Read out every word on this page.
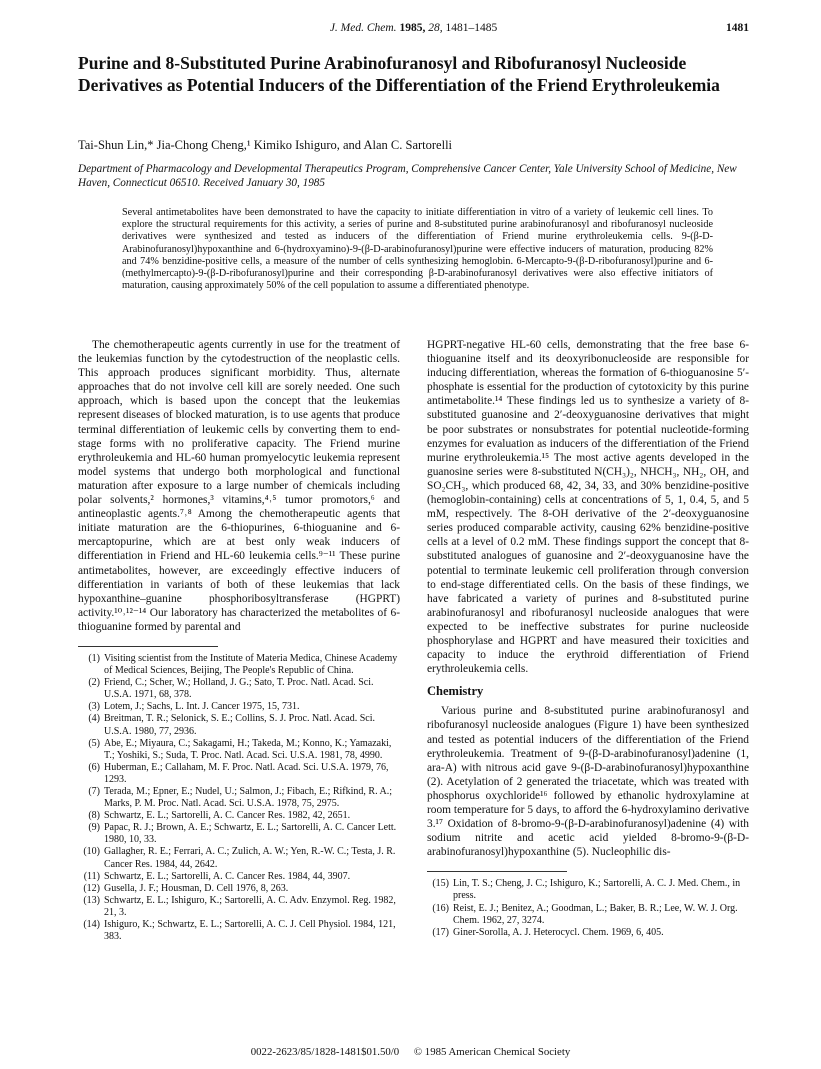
J. Med. Chem. 1985, 28, 1481–1485	1481
Purine and 8-Substituted Purine Arabinofuranosyl and Ribofuranosyl Nucleoside Derivatives as Potential Inducers of the Differentiation of the Friend Erythroleukemia
Tai-Shun Lin,* Jia-Chong Cheng,¹ Kimiko Ishiguro, and Alan C. Sartorelli
Department of Pharmacology and Developmental Therapeutics Program, Comprehensive Cancer Center, Yale University School of Medicine, New Haven, Connecticut 06510. Received January 30, 1985
Several antimetabolites have been demonstrated to have the capacity to initiate differentiation in vitro of a variety of leukemic cell lines. To explore the structural requirements for this activity, a series of purine and 8-substituted purine arabinofuranosyl and ribofuranosyl nucleoside derivatives were synthesized and tested as inducers of the differentiation of Friend murine erythroleukemia cells. 9-(β-D-Arabinofuranosyl)hypoxanthine and 6-(hydroxyamino)-9-(β-D-arabinofuranosyl)purine were effective inducers of maturation, producing 82% and 74% benzidine-positive cells, a measure of the number of cells synthesizing hemoglobin. 6-Mercapto-9-(β-D-ribofuranosyl)purine and 6-(methylmercapto)-9-(β-D-ribofuranosyl)purine and their corresponding β-D-arabinofuranosyl derivatives were also effective initiators of maturation, causing approximately 50% of the cell population to assume a differentiated phenotype.

The chemotherapeutic agents currently in use for the treatment of the leukemias function by the cytodestruction of the neoplastic cells. This approach produces significant morbidity. Thus, alternate approaches that do not involve cell kill are sorely needed. One such approach, which is based upon the concept that the leukemias represent diseases of blocked maturation, is to use agents that produce terminal differentiation of leukemic cells by converting them to end-stage forms with no proliferative capacity. The Friend murine erythroleukemia and HL-60 human promyelocytic leukemia represent model systems that undergo both morphological and functional maturation after exposure to a large number of chemicals including polar solvents,² hormones,³ vitamins,⁴˒⁵ tumor promotors,⁶ and antineoplastic agents.⁷˒⁸ Among the chemotherapeutic agents that initiate maturation are the 6-thiopurines, 6-thioguanine and 6-mercaptopurine, which are at best only weak inducers of differentiation in Friend and HL-60 leukemia cells.⁹⁻¹¹ These purine antimetabolites, however, are exceedingly effective inducers of differentiation in variants of both of these leukemias that lack hypoxanthine–guanine phosphoribosyltransferase (HGPRT) activity.¹⁰˒¹²⁻¹⁴ Our laboratory has characterized the metabolites of 6-thioguanine formed by parental and

(1) Visiting scientist from the Institute of Materia Medica, Chinese Academy of Medical Sciences, Beijing, The People's Republic of China.
(2) Friend, C.; Scher, W.; Holland, J. G.; Sato, T. Proc. Natl. Acad. Sci. U.S.A. 1971, 68, 378.
(3) Lotem, J.; Sachs, L. Int. J. Cancer 1975, 15, 731.
(4) Breitman, T. R.; Selonick, S. E.; Collins, S. J. Proc. Natl. Acad. Sci. U.S.A. 1980, 77, 2936.
(5) Abe, E.; Miyaura, C.; Sakagami, H.; Takeda, M.; Konno, K.; Yamazaki, T.; Yoshiki, S.; Suda, T. Proc. Natl. Acad. Sci. U.S.A. 1981, 78, 4990.
(6) Huberman, E.; Callaham, M. F. Proc. Natl. Acad. Sci. U.S.A. 1979, 76, 1293.
(7) Terada, M.; Epner, E.; Nudel, U.; Salmon, J.; Fibach, E.; Rifkind, R. A.; Marks, P. M. Proc. Natl. Acad. Sci. U.S.A. 1978, 75, 2975.
(8) Schwartz, E. L.; Sartorelli, A. C. Cancer Res. 1982, 42, 2651.
(9) Papac, R. J.; Brown, A. E.; Schwartz, E. L.; Sartorelli, A. C. Cancer Lett. 1980, 10, 33.
(10) Gallagher, R. E.; Ferrari, A. C.; Zulich, A. W.; Yen, R.-W. C.; Testa, J. R. Cancer Res. 1984, 44, 2642.
(11) Schwartz, E. L.; Sartorelli, A. C. Cancer Res. 1984, 44, 3907.
(12) Gusella, J. F.; Housman, D. Cell 1976, 8, 263.
(13) Schwartz, E. L.; Ishiguro, K.; Sartorelli, A. C. Adv. Enzymol. Reg. 1982, 21, 3.
(14) Ishiguro, K.; Schwartz, E. L.; Sartorelli, A. C. J. Cell Physiol. 1984, 121, 383.

HGPRT-negative HL-60 cells, demonstrating that the free base 6-thioguanine itself and its deoxyribonucleoside are responsible for inducing differentiation, whereas the formation of 6-thioguanosine 5′-phosphate is essential for the production of cytotoxicity by this purine antimetabolite.¹⁴ These findings led us to synthesize a variety of 8-substituted guanosine and 2′-deoxyguanosine derivatives that might be poor substrates or nonsubstrates for potential nucleotide-forming enzymes for evaluation as inducers of the differentiation of the Friend murine erythroleukemia.¹⁵ The most active agents developed in the guanosine series were 8-substituted N(CH₃)₂, NHCH₃, NH₂, OH, and SO₂CH₃, which produced 68, 42, 34, 33, and 30% benzidine-positive (hemoglobin-containing) cells at concentrations of 5, 1, 0.4, 5, and 5 mM, respectively. The 8-OH derivative of the 2′-deoxyguanosine series produced comparable activity, causing 62% benzidine-positive cells at a level of 0.2 mM. These findings support the concept that 8-substituted analogues of guanosine and 2′-deoxyguanosine have the potential to terminate leukemic cell proliferation through conversion to end-stage differentiated cells. On the basis of these findings, we have fabricated a variety of purines and 8-substituted purine arabinofuranosyl and ribofuranosyl nucleoside analogues that were expected to be ineffective substrates for purine nucleoside phosphorylase and HGPRT and have measured their toxicities and capacity to induce the erythroid differentiation of Friend erythroleukemia cells.

Chemistry

Various purine and 8-substituted purine arabinofuranosyl and ribofuranosyl nucleoside analogues (Figure 1) have been synthesized and tested as potential inducers of the differentiation of the Friend erythroleukemia. Treatment of 9-(β-D-arabinofuranosyl)adenine (1, ara-A) with nitrous acid gave 9-(β-D-arabinofuranosyl)hypoxanthine (2). Acetylation of 2 generated the triacetate, which was treated with phosphorus oxychloride¹⁶ followed by ethanolic hydroxylamine at room temperature for 5 days, to afford the 6-hydroxylamino derivative 3.¹⁷ Oxidation of 8-bromo-9-(β-D-arabinofuranosyl)adenine (4) with sodium nitrite and acetic acid yielded 8-bromo-9-(β-D-arabinofuranosyl)hypoxanthine (5). Nucleophilic dis-

(15) Lin, T. S.; Cheng, J. C.; Ishiguro, K.; Sartorelli, A. C. J. Med. Chem., in press.
(16) Reist, E. J.; Benitez, A.; Goodman, L.; Baker, B. R.; Lee, W. W. J. Org. Chem. 1962, 27, 3274.
(17) Giner-Sorolla, A. J. Heterocycl. Chem. 1969, 6, 405.
0022-2623/85/1828-1481$01.50/0 © 1985 American Chemical Society
